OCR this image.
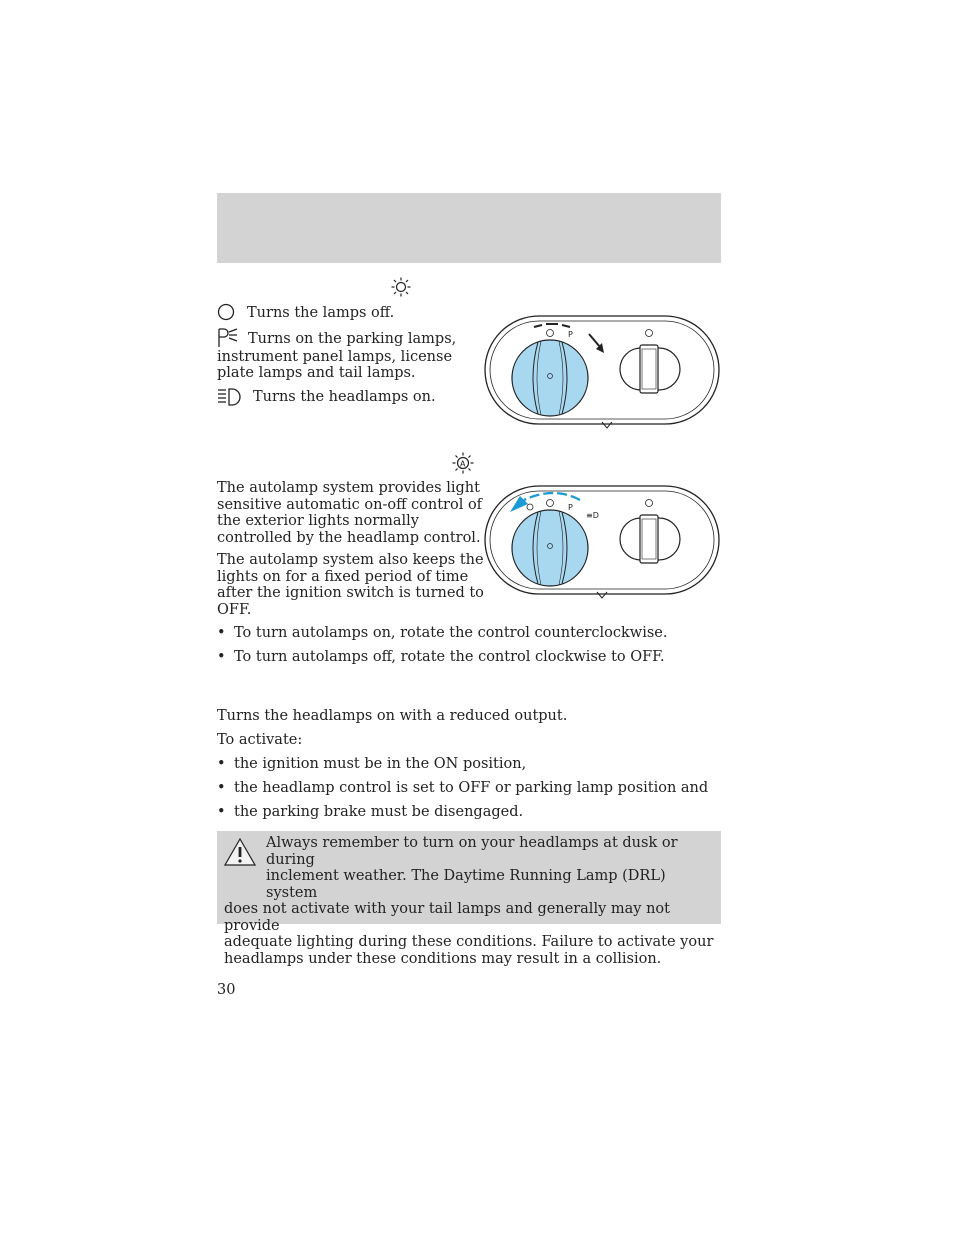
Turns the lamps off.
Turns on the parking lamps,
instrument panel lamps, license
plate lamps and tail lamps.
Turns the headlamps on.
P
A
The autolamp system provides light
sensitive automatic on-off control of
the exterior lights normally
controlled by the headlamp control.
The autolamp system also keeps the
lights on for a fixed period of time
after the ignition switch is turned to
OFF.
P
≡D
• To turn autolamps on, rotate the control counterclockwise.
• To turn autolamps off, rotate the control clockwise to OFF.
Turns the headlamps on with a reduced output.
To activate:
• the ignition must be in the ON position,
• the headlamp control is set to OFF or parking lamp position and
• the parking brake must be disengaged.
Always remember to turn on your headlamps at dusk or during
inclement weather. The Daytime Running Lamp (DRL) system
does not activate with your tail lamps and generally may not provide
adequate lighting during these conditions. Failure to activate your
headlamps under these conditions may result in a collision.
30
